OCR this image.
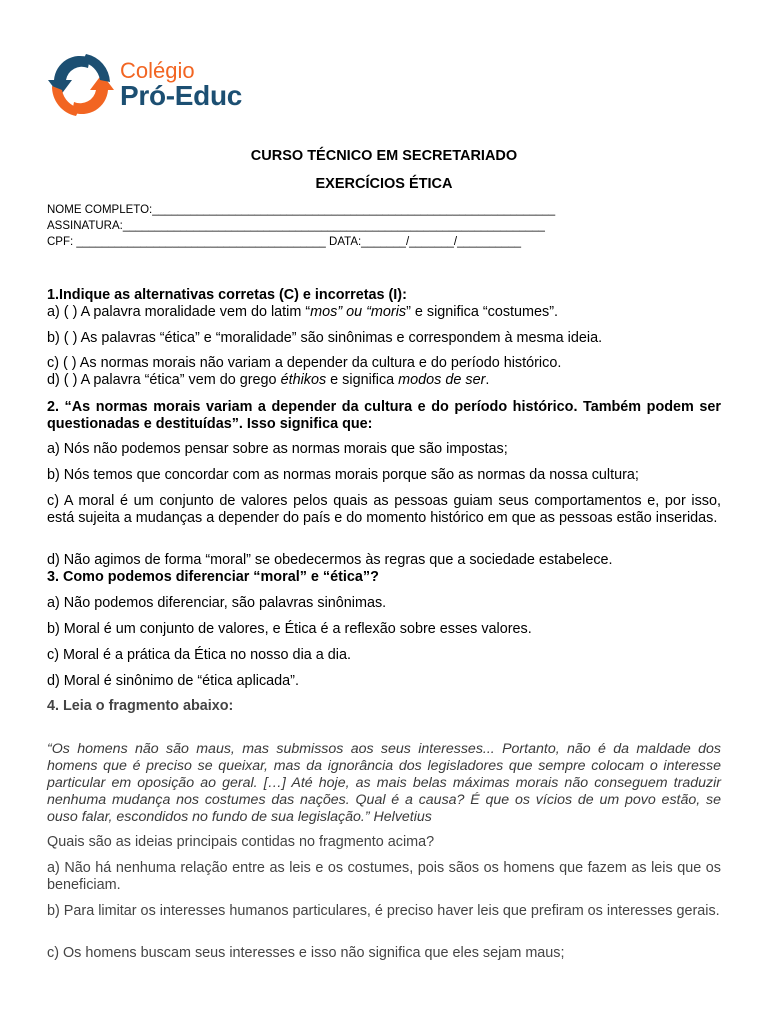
Colégio
Pró-Educ
CURSO TÉCNICO EM SECRETARIADO
EXERCÍCIOS ÉTICA
NOME COMPLETO:_______________________________________________________________
ASSINATURA:__________________________________________________________________
CPF: _______________________________________ DATA:_______/_______/__________
1.Indique as alternativas corretas (C) e incorretas (I):
a) ( ) A palavra moralidade vem do latim “mos” ou “moris” e significa “costumes”.
b) ( ) As palavras “ética” e “moralidade” são sinônimas e correspondem à mesma ideia.
c) ( ) As normas morais não variam a depender da cultura e do período histórico.
d) ( ) A palavra “ética” vem do grego éthikos e significa modos de ser.
2. “As normas morais variam a depender da cultura e do período histórico. Também podem ser questionadas e destituídas”. Isso significa que:
a) Nós não podemos pensar sobre as normas morais que são impostas;
b) Nós temos que concordar com as normas morais porque são as normas da nossa cultura;
c) A moral é um conjunto de valores pelos quais as pessoas guiam seus comportamentos e, por isso, está sujeita a mudanças a depender do país e do momento histórico em que as pessoas estão inseridas.
d) Não agimos de forma “moral” se obedecermos às regras que a sociedade estabelece.
3. Como podemos diferenciar “moral” e “ética”?
a) Não podemos diferenciar, são palavras sinônimas.
b) Moral é um conjunto de valores, e Ética é a reflexão sobre esses valores.
c) Moral é a prática da Ética no nosso dia a dia.
d) Moral é sinônimo de “ética aplicada”.
4. Leia o fragmento abaixo:
“Os homens não são maus, mas submissos aos seus interesses... Portanto, não é da maldade dos homens que é preciso se queixar, mas da ignorância dos legisladores que sempre colocam o interesse particular em oposição ao geral. […] Até hoje, as mais belas máximas morais não conseguem traduzir nenhuma mudança nos costumes das nações. Qual é a causa? É que os vícios de um povo estão, se ouso falar, escondidos no fundo de sua legislação.” Helvetius
Quais são as ideias principais contidas no fragmento acima?
a) Não há nenhuma relação entre as leis e os costumes, pois sãos os homens que fazem as leis que os beneficiam.
b) Para limitar os interesses humanos particulares, é preciso haver leis que prefiram os interesses gerais.
c) Os homens buscam seus interesses e isso não significa que eles sejam maus;
